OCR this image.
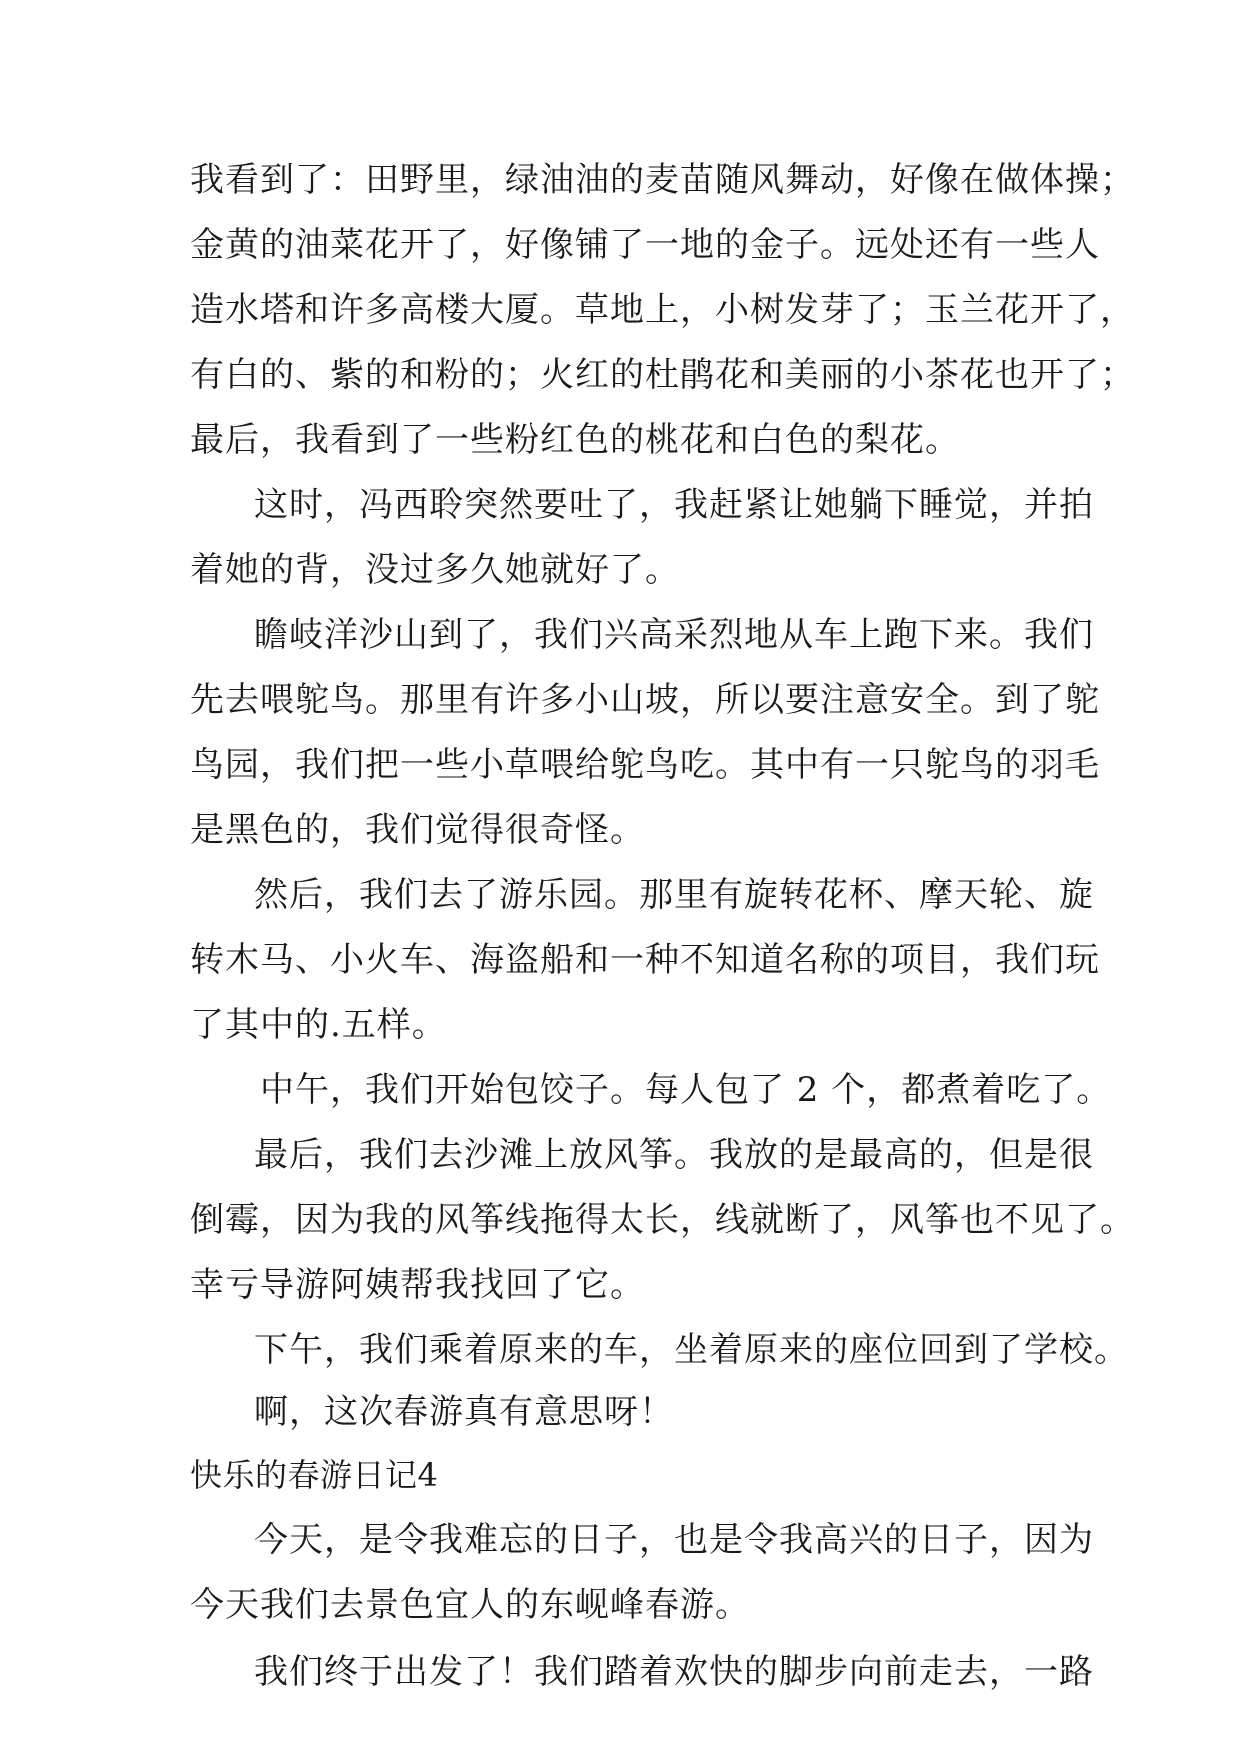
我看到了：田野里，绿油油的麦苗随风舞动，好像在做体操；
金黄的油菜花开了，好像铺了一地的金子。远处还有一些人
造水塔和许多高楼大厦。草地上，小树发芽了；玉兰花开了，
有白的、紫的和粉的；火红的杜鹃花和美丽的小茶花也开了；
最后，我看到了一些粉红色的桃花和白色的梨花。
这时，冯西聆突然要吐了，我赶紧让她躺下睡觉，并拍
着她的背，没过多久她就好了。
瞻岐洋沙山到了，我们兴高采烈地从车上跑下来。我们
先去喂鸵鸟。那里有许多小山坡，所以要注意安全。到了鸵
鸟园，我们把一些小草喂给鸵鸟吃。其中有一只鸵鸟的羽毛
是黑色的，我们觉得很奇怪。
然后，我们去了游乐园。那里有旋转花杯、摩天轮、旋
转木马、小火车、海盗船和一种不知道名称的项目，我们玩
了其中的.五样。
中午，我们开始包饺子。每人包了 2 个，都煮着吃了。
最后，我们去沙滩上放风筝。我放的是最高的，但是很
倒霉，因为我的风筝线拖得太长，线就断了，风筝也不见了。
幸亏导游阿姨帮我找回了它。
下午，我们乘着原来的车，坐着原来的座位回到了学校。
啊，这次春游真有意思呀！
快乐的春游日记4
今天，是令我难忘的日子，也是令我高兴的日子，因为
今天我们去景色宜人的东岘峰春游。
我们终于出发了！我们踏着欢快的脚步向前走去，一路
